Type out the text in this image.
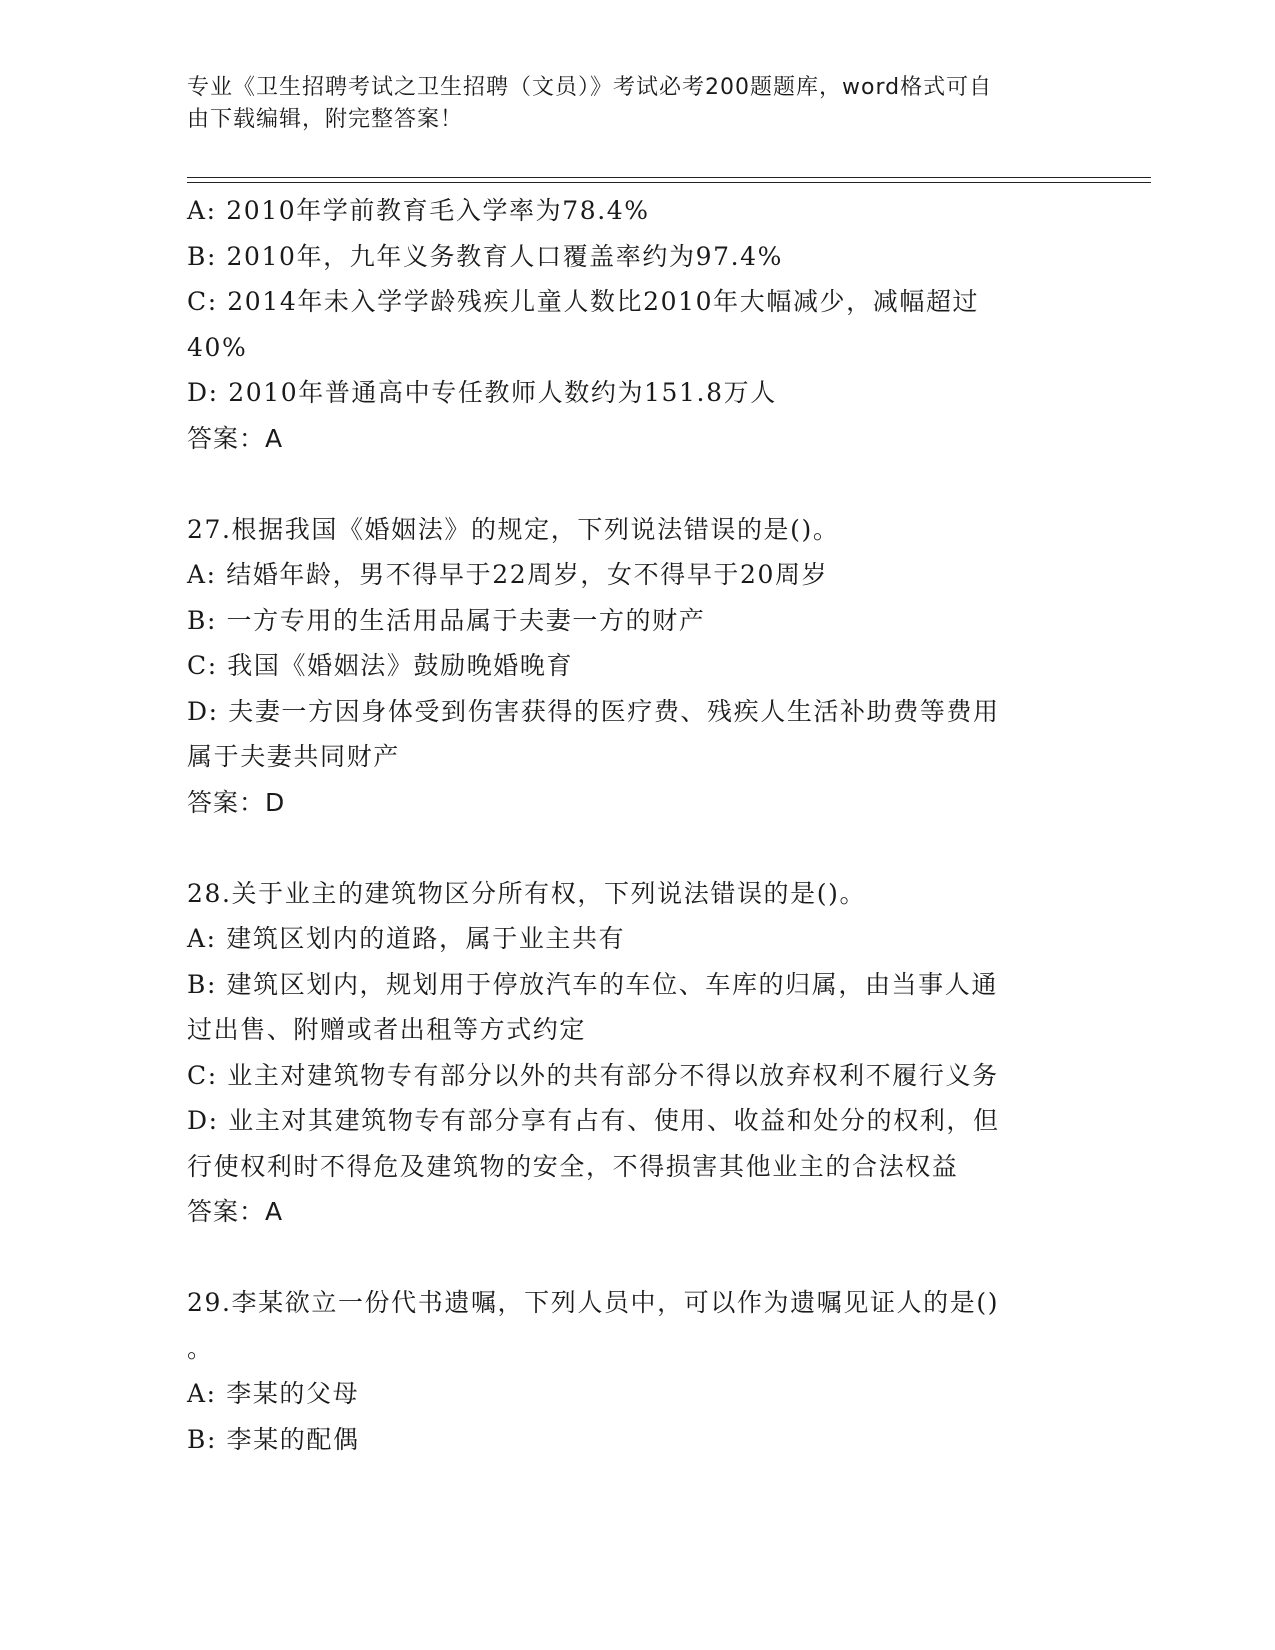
专业《卫生招聘考试之卫生招聘（文员）》考试必考200题题库，word格式可自
由下载编辑，附完整答案！
A: 2010年学前教育毛入学率为78.4%
B: 2010年，九年义务教育人口覆盖率约为97.4%
C: 2014年未入学学龄残疾儿童人数比2010年大幅减少，减幅超过
40%
D: 2010年普通高中专任教师人数约为151.8万人
答案：A
27.根据我国《婚姻法》的规定，下列说法错误的是()。
A: 结婚年龄，男不得早于22周岁，女不得早于20周岁
B: 一方专用的生活用品属于夫妻一方的财产
C: 我国《婚姻法》鼓励晚婚晚育
D: 夫妻一方因身体受到伤害获得的医疗费、残疾人生活补助费等费用
属于夫妻共同财产
答案：D
28.关于业主的建筑物区分所有权，下列说法错误的是()。
A: 建筑区划内的道路，属于业主共有
B: 建筑区划内，规划用于停放汽车的车位、车库的归属，由当事人通
过出售、附赠或者出租等方式约定
C: 业主对建筑物专有部分以外的共有部分不得以放弃权利不履行义务
D: 业主对其建筑物专有部分享有占有、使用、收益和处分的权利，但
行使权利时不得危及建筑物的安全，不得损害其他业主的合法权益
答案：A
29.李某欲立一份代书遗嘱，下列人员中，可以作为遗嘱见证人的是()
。
A: 李某的父母
B: 李某的配偶
